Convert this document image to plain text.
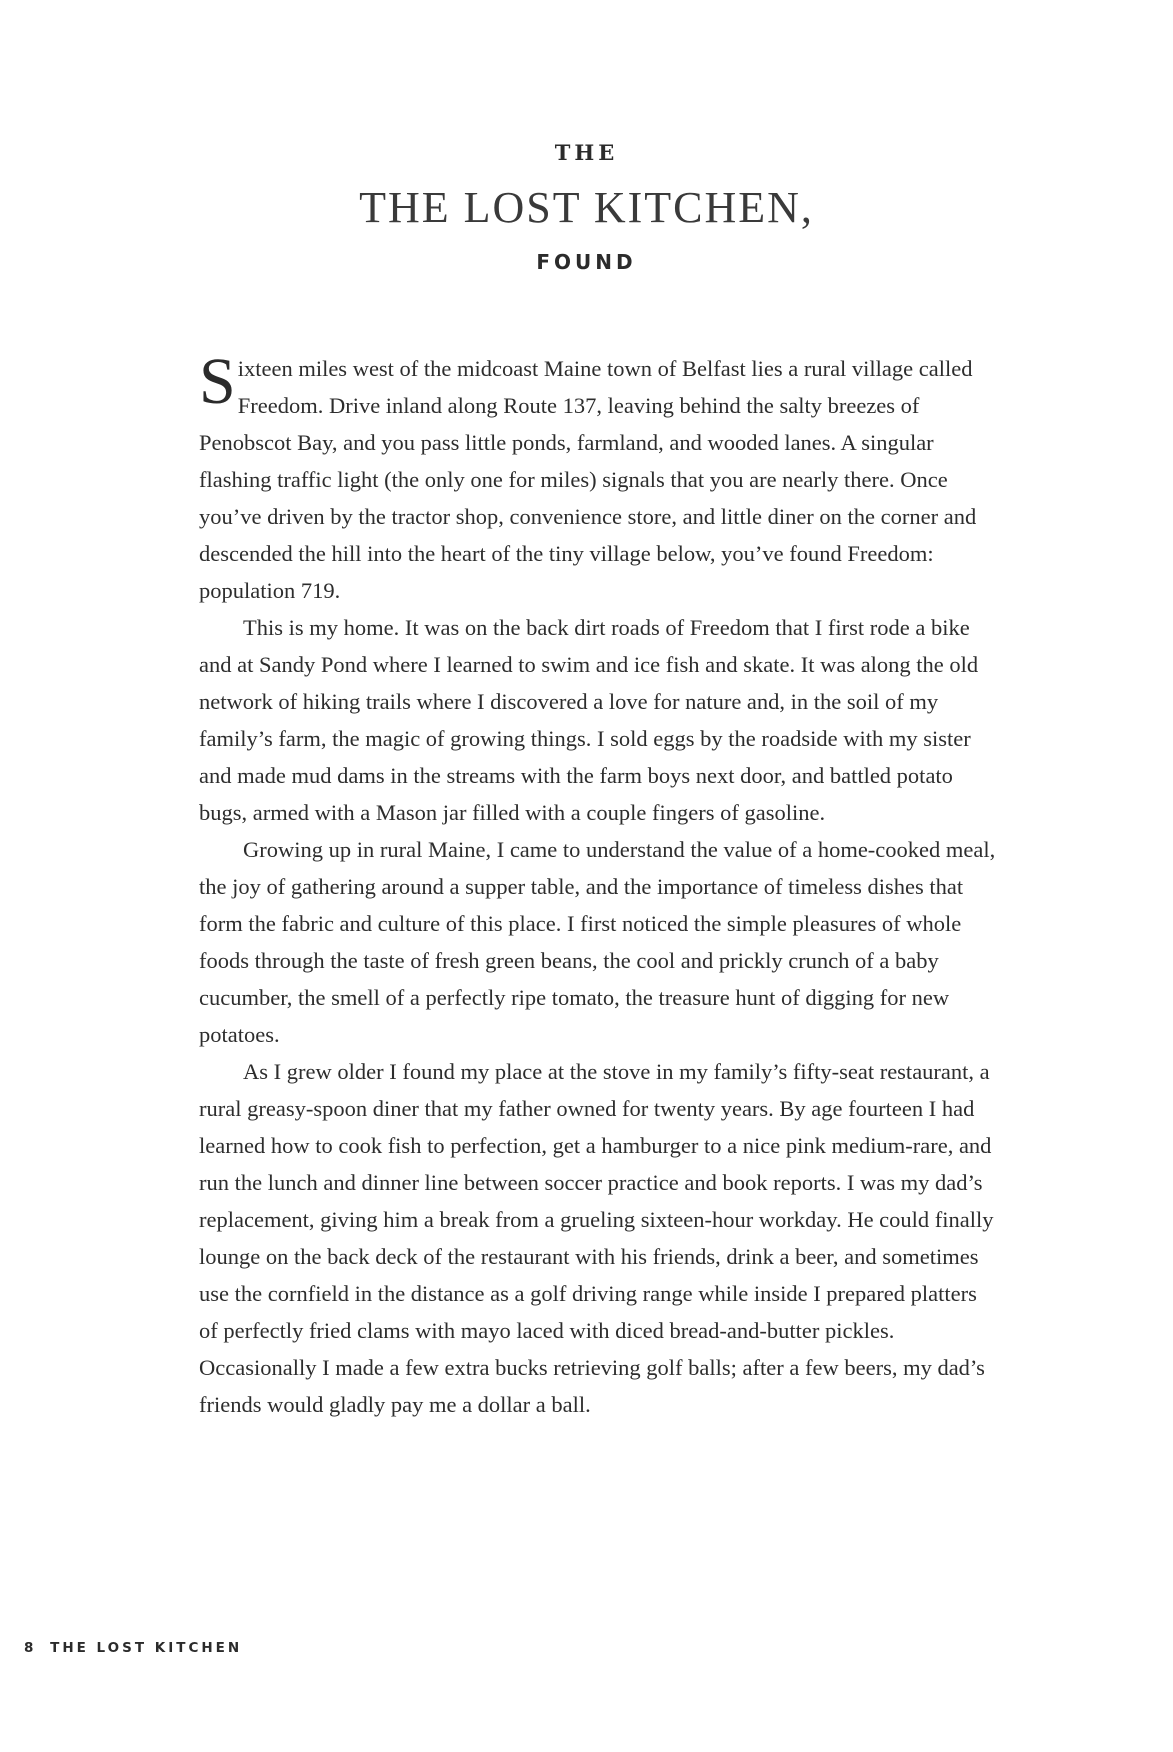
THE
THE LOST KITCHEN,
FOUND

Sixteen miles west of the midcoast Maine town of Belfast lies a rural village called Freedom. Drive inland along Route 137, leaving behind the salty breezes of Penobscot Bay, and you pass little ponds, farmland, and wooded lanes. A singular flashing traffic light (the only one for miles) signals that you are nearly there. Once you’ve driven by the tractor shop, convenience store, and little diner on the corner and descended the hill into the heart of the tiny village below, you’ve found Freedom: population 719.

This is my home. It was on the back dirt roads of Freedom that I first rode a bike and at Sandy Pond where I learned to swim and ice fish and skate. It was along the old network of hiking trails where I discovered a love for nature and, in the soil of my family’s farm, the magic of growing things. I sold eggs by the roadside with my sister and made mud dams in the streams with the farm boys next door, and battled potato bugs, armed with a Mason jar filled with a couple fingers of gasoline.

Growing up in rural Maine, I came to understand the value of a home-cooked meal, the joy of gathering around a supper table, and the importance of timeless dishes that form the fabric and culture of this place. I first noticed the simple pleasures of whole foods through the taste of fresh green beans, the cool and prickly crunch of a baby cucumber, the smell of a perfectly ripe tomato, the treasure hunt of digging for new potatoes.

As I grew older I found my place at the stove in my family’s fifty-seat restaurant, a rural greasy-spoon diner that my father owned for twenty years. By age fourteen I had learned how to cook fish to perfection, get a hamburger to a nice pink medium-rare, and run the lunch and dinner line between soccer practice and book reports. I was my dad’s replacement, giving him a break from a grueling sixteen-hour workday. He could finally lounge on the back deck of the restaurant with his friends, drink a beer, and sometimes use the cornfield in the distance as a golf driving range while inside I prepared platters of perfectly fried clams with mayo laced with diced bread-and-butter pickles. Occasionally I made a few extra bucks retrieving golf balls; after a few beers, my dad’s friends would gladly pay me a dollar a ball.

8 THE LOST KITCHEN
